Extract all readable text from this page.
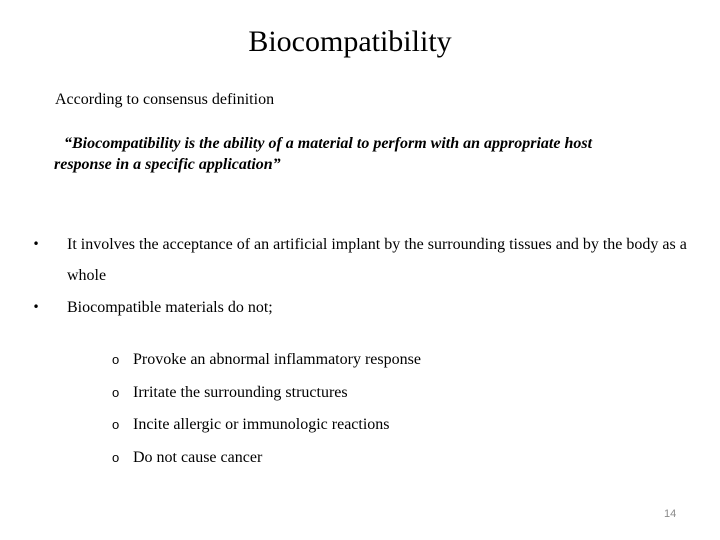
Biocompatibility
According to consensus definition
“Biocompatibility is the ability of a material to perform with an appropriate host
response in a specific application”
• It involves the acceptance of an artificial implant by the surrounding tissues and by the body as a whole
• Biocompatible materials do not;
o Provoke an abnormal inflammatory response
o Irritate the surrounding structures
o Incite allergic or immunologic reactions
o Do not cause cancer
14
